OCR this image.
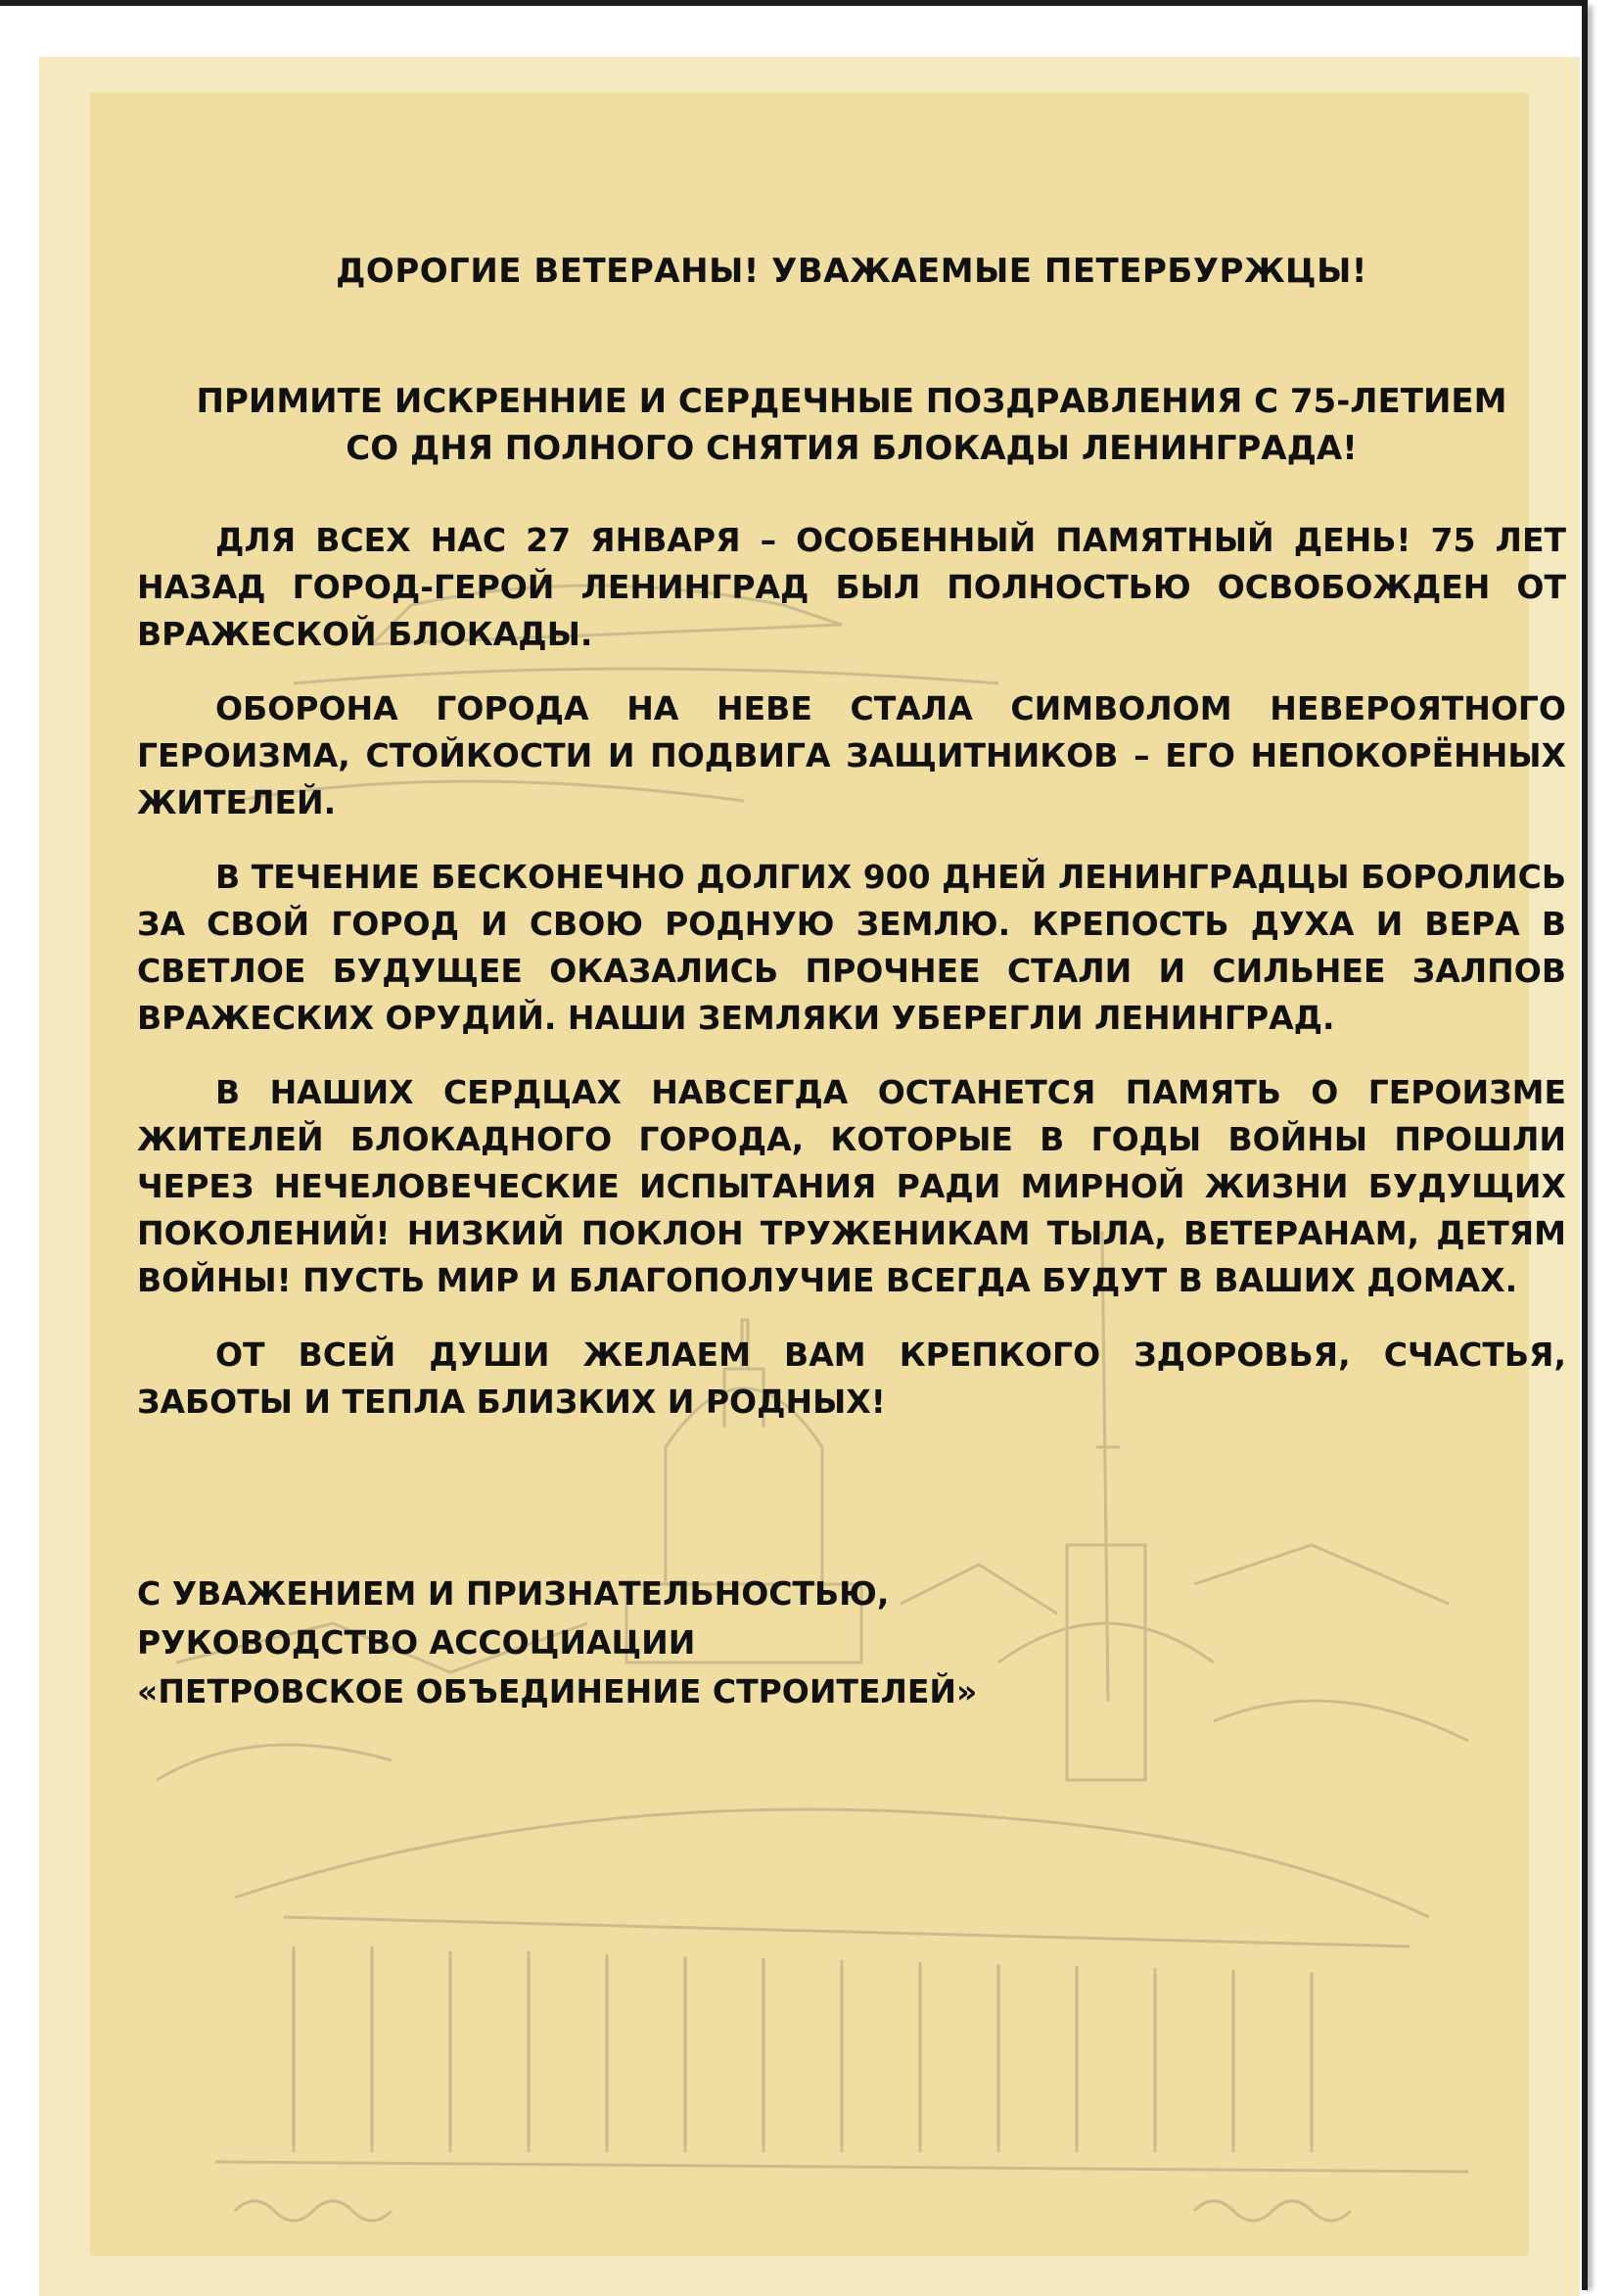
ДОРОГИЕ ВЕТЕРАНЫ! УВАЖАЕМЫЕ ПЕТЕРБУРЖЦЫ!
ПРИМИТЕ ИСКРЕННИЕ И СЕРДЕЧНЫЕ ПОЗДРАВЛЕНИЯ С 75-ЛЕТИЕМ
СО ДНЯ ПОЛНОГО СНЯТИЯ БЛОКАДЫ ЛЕНИНГРАДА!

ДЛЯ ВСЕХ НАС 27 ЯНВАРЯ – ОСОБЕННЫЙ ПАМЯТНЫЙ ДЕНЬ! 75 ЛЕТ НАЗАД ГОРОД-ГЕРОЙ ЛЕНИНГРАД БЫЛ ПОЛНОСТЬЮ ОСВОБОЖДЕН ОТ ВРАЖЕСКОЙ БЛОКАДЫ.

ОБОРОНА ГОРОДА НА НЕВЕ СТАЛА СИМВОЛОМ НЕВЕРОЯТНОГО ГЕРОИЗМА, СТОЙКОСТИ И ПОДВИГА ЗАЩИТНИКОВ – ЕГО НЕПОКОРЁННЫХ ЖИТЕЛЕЙ.

В ТЕЧЕНИЕ БЕСКОНЕЧНО ДОЛГИХ 900 ДНЕЙ ЛЕНИНГРАДЦЫ БОРОЛИСЬ ЗА СВОЙ ГОРОД И СВОЮ РОДНУЮ ЗЕМЛЮ. КРЕПОСТЬ ДУХА И ВЕРА В СВЕТЛОЕ БУДУЩЕЕ ОКАЗАЛИСЬ ПРОЧНЕЕ СТАЛИ И СИЛЬНЕЕ ЗАЛПОВ ВРАЖЕСКИХ ОРУДИЙ. НАШИ ЗЕМЛЯКИ УБЕРЕГЛИ ЛЕНИНГРАД.

В НАШИХ СЕРДЦАХ НАВСЕГДА ОСТАНЕТСЯ ПАМЯТЬ О ГЕРОИЗМЕ ЖИТЕЛЕЙ БЛОКАДНОГО ГОРОДА, КОТОРЫЕ В ГОДЫ ВОЙНЫ ПРОШЛИ ЧЕРЕЗ НЕЧЕЛОВЕЧЕСКИЕ ИСПЫТАНИЯ РАДИ МИРНОЙ ЖИЗНИ БУДУЩИХ ПОКОЛЕНИЙ! НИЗКИЙ ПОКЛОН ТРУЖЕНИКАМ ТЫЛА, ВЕТЕРАНАМ, ДЕТЯМ ВОЙНЫ! ПУСТЬ МИР И БЛАГОПОЛУЧИЕ ВСЕГДА БУДУТ В ВАШИХ ДОМАХ.

ОТ ВСЕЙ ДУШИ ЖЕЛАЕМ ВАМ КРЕПКОГО ЗДОРОВЬЯ, СЧАСТЬЯ, ЗАБОТЫ И ТЕПЛА БЛИЗКИХ И РОДНЫХ!

С УВАЖЕНИЕМ И ПРИЗНАТЕЛЬНОСТЬЮ,
РУКОВОДСТВО АССОЦИАЦИИ
«ПЕТРОВСКОЕ ОБЪЕДИНЕНИЕ СТРОИТЕЛЕЙ»
